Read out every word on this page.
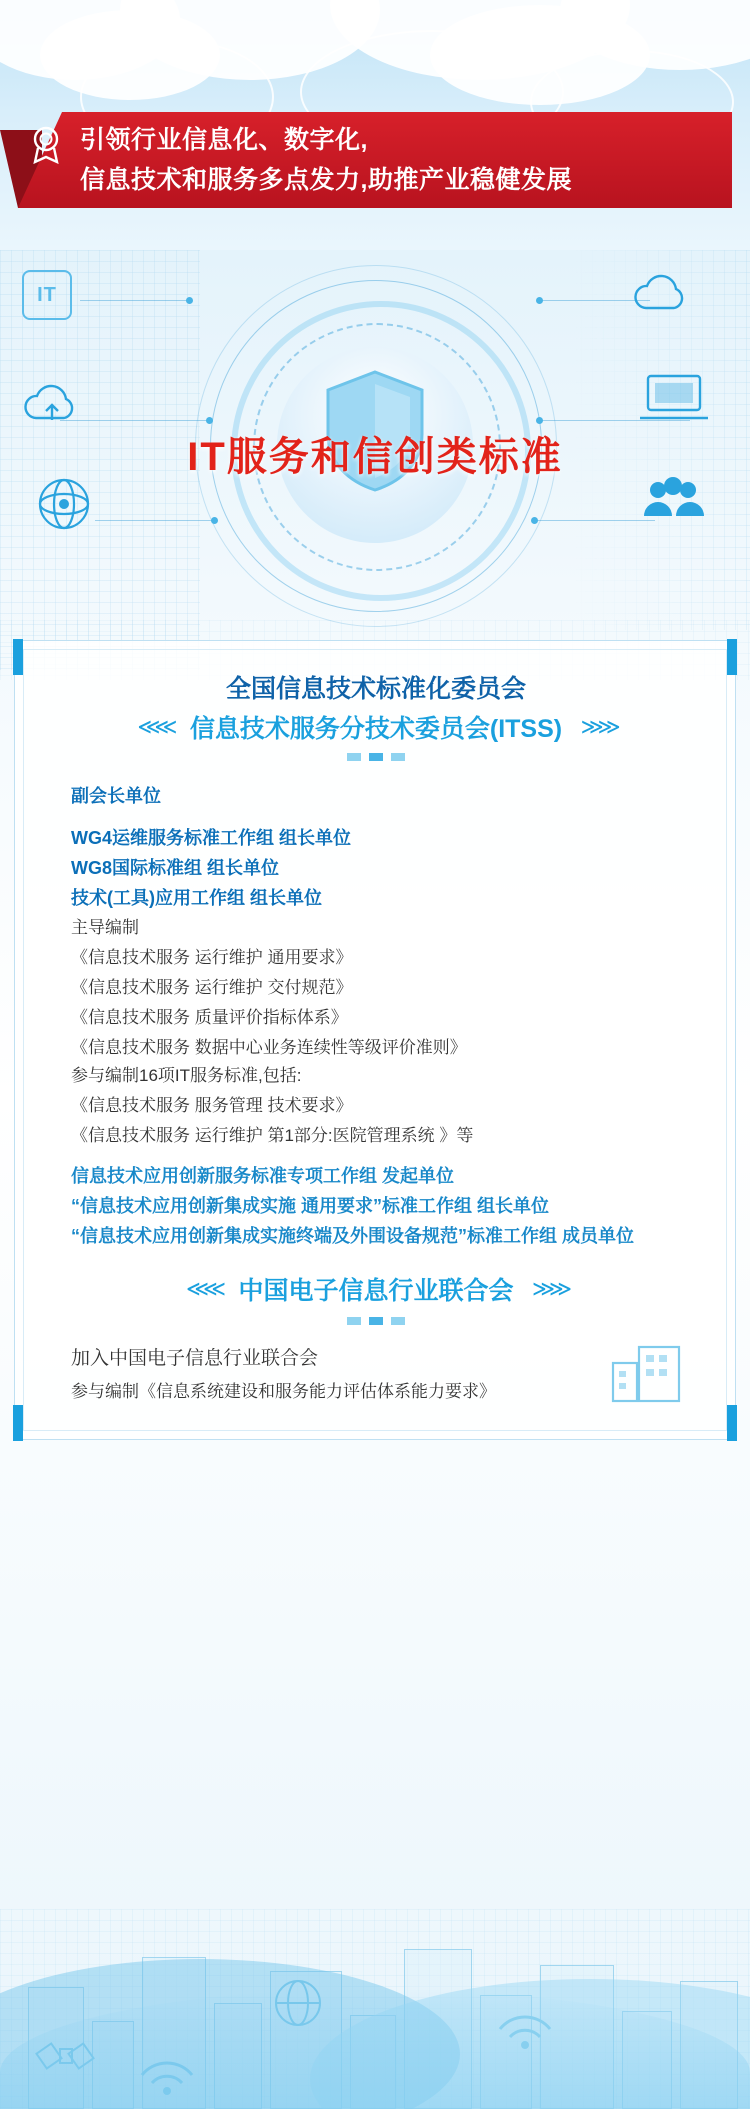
引领行业信息化、数字化,
信息技术和服务多点发力,助推产业稳健发展
IT
IT服务和信创类标准
全国信息技术标准化委员会
≪≪ 信息技术服务分技术委员会(ITSS) ≫≫

副会长单位
WG4运维服务标准工作组 组长单位
WG8国际标准组 组长单位
技术(工具)应用工作组 组长单位
主导编制
《信息技术服务 运行维护 通用要求》
《信息技术服务 运行维护 交付规范》
《信息技术服务 质量评价指标体系》
《信息技术服务 数据中心业务连续性等级评价准则》
参与编制16项IT服务标准,包括:
《信息技术服务 服务管理 技术要求》
《信息技术服务 运行维护 第1部分:医院管理系统 》等
信息技术应用创新服务标准专项工作组 发起单位
“信息技术应用创新集成实施 通用要求”标准工作组 组长单位
“信息技术应用创新集成实施终端及外围设备规范”标准工作组 成员单位
≪≪ 中国电子信息行业联合会 ≫≫

加入中国电子信息行业联合会
参与编制《信息系统建设和服务能力评估体系能力要求》
